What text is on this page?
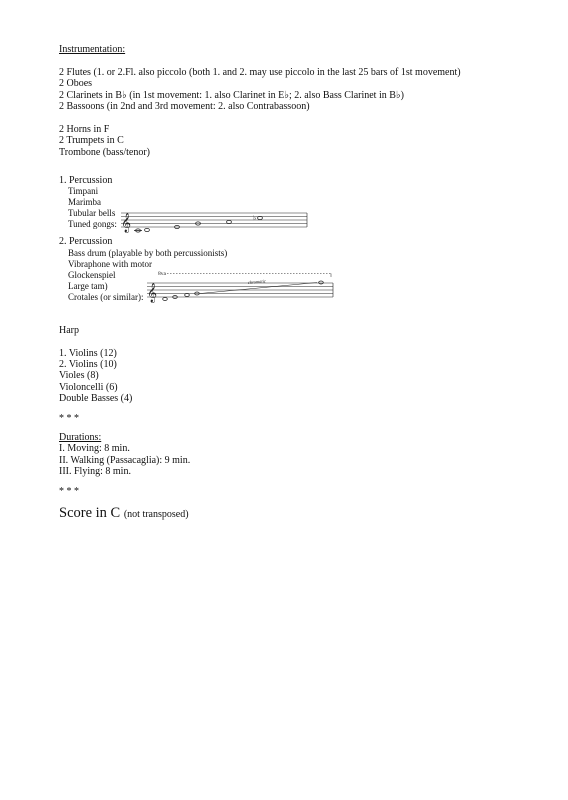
Instrumentation:
2 Flutes (1. or 2.Fl. also piccolo (both 1. and 2. may use piccolo in the last 25 bars of 1st movement)
2 Oboes
2 Clarinets in B♭ (in 1st movement: 1. also Clarinet in E♭; 2. also Bass Clarinet in B♭)
2 Bassoons (in 2nd and 3rd movement: 2. also Contrabassoon)
2 Horns in F
2 Trumpets in C
Trombone (bass/tenor)
1. Percussion
Timpani
Marimba
Tubular bells
Tuned gongs: 𝄞	♭
2. Percussion
Bass drum (playable by both percussionists)
Vibraphone with motor
Glockenspiel
Large tam)
Crotales (or similar):
8va
𝄞
chromatic
Harp
1. Violins (12)
2. Violins (10)
Violes (8)
Violoncelli (6)
Double Basses (4)
* * *
Durations:
I. Moving: 8 min.
II. Walking (Passacaglia): 9 min.
III. Flying: 8 min.
* * *
Score in C (not transposed)
